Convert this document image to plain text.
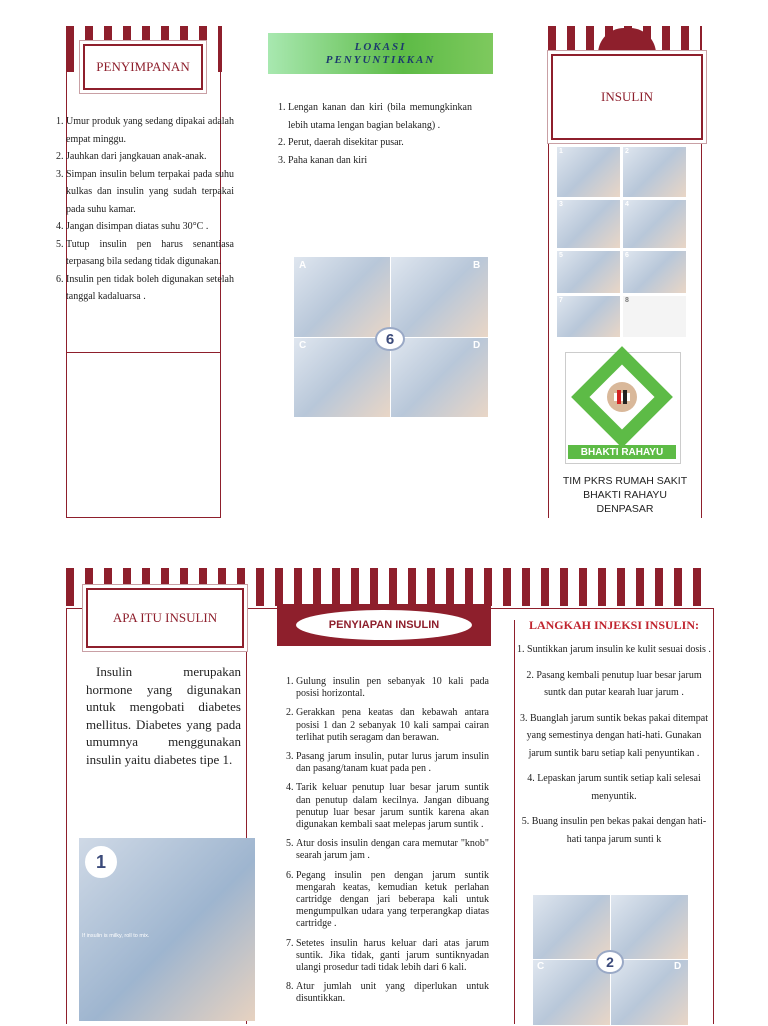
PENYIMPANAN
1. Umur produk yang sedang dipakai adalah empat minggu.
2. Jauhkan dari jangkauan anak-anak.
3. Simpan insulin belum terpakai pada suhu kulkas dan insulin yang sudah terpakai pada suhu kamar.
4. Jangan disimpan diatas suhu 30°C .
5. Tutup insulin pen harus senantiasa terpasang bila sedang tidak digunakan.
6. Insulin pen tidak boleh digunakan setelah tanggal kadaluarsa .
LOKASI
PENYUNTIKKAN
1. Lengan kanan dan kiri (bila memungkinkan lebih utama lengan bagian belakang) .
2. Perut, daerah disekitar pusar.
3. Paha kanan dan kiri
A	B
C	D
6
INSULIN
1	2
3	4
5	6
7	8
BHAKTI RAHAYU
TIM PKRS RUMAH SAKIT
BHAKTI RAHAYU
DENPASAR
APA ITU INSULIN
Insulin merupakan hormone yang digunakan untuk mengobati diabetes mellitus. Diabetes yang pada umumnya menggunakan insulin yaitu diabetes tipe 1.
1
If insulin is milky, roll to mix.
PENYIAPAN INSULIN
1. Gulung insulin pen sebanyak 10 kali pada posisi horizontal.
2. Gerakkan pena keatas dan kebawah antara posisi 1 dan 2 sebanyak 10 kali sampai cairan terlihat putih seragam dan berawan.
3. Pasang jarum insulin, putar lurus jarum insulin dan pasang/tanam kuat pada pen .
4. Tarik keluar penutup luar besar jarum suntik dan penutup dalam kecilnya. Jangan dibuang penutup luar besar jarum suntik karena akan digunakan kembali saat melepas jarum suntik .
5. Atur dosis insulin dengan cara memutar "knob" searah jarum jam .
6. Pegang insulin pen dengan jarum suntik mengarah keatas, kemudian ketuk perlahan cartridge dengan jari beberapa kali untuk mengumpulkan udara yang terperangkap diatas cartridge .
7. Setetes insulin harus keluar dari atas jarum suntik. Jika tidak, ganti jarum suntiknyadan ulangi prosedur tadi tidak lebih dari 6 kali.
8. Atur jumlah unit yang diperlukan untuk disuntikkan.
LANGKAH INJEKSI INSULIN:
1. Suntikkan jarum insulin ke kulit sesuai dosis .
2. Pasang kembali penutup luar besar jarum suntk dan putar kearah luar jarum .
3. Buanglah jarum suntik bekas pakai ditempat yang semestinya dengan hati-hati. Gunakan jarum suntik baru setiap kali penyuntikan .
4. Lepaskan jarum suntik setiap kali selesai menyuntik.
5. Buang insulin pen bekas pakai dengan hati-hati tanpa jarum sunti k
C	D
2
